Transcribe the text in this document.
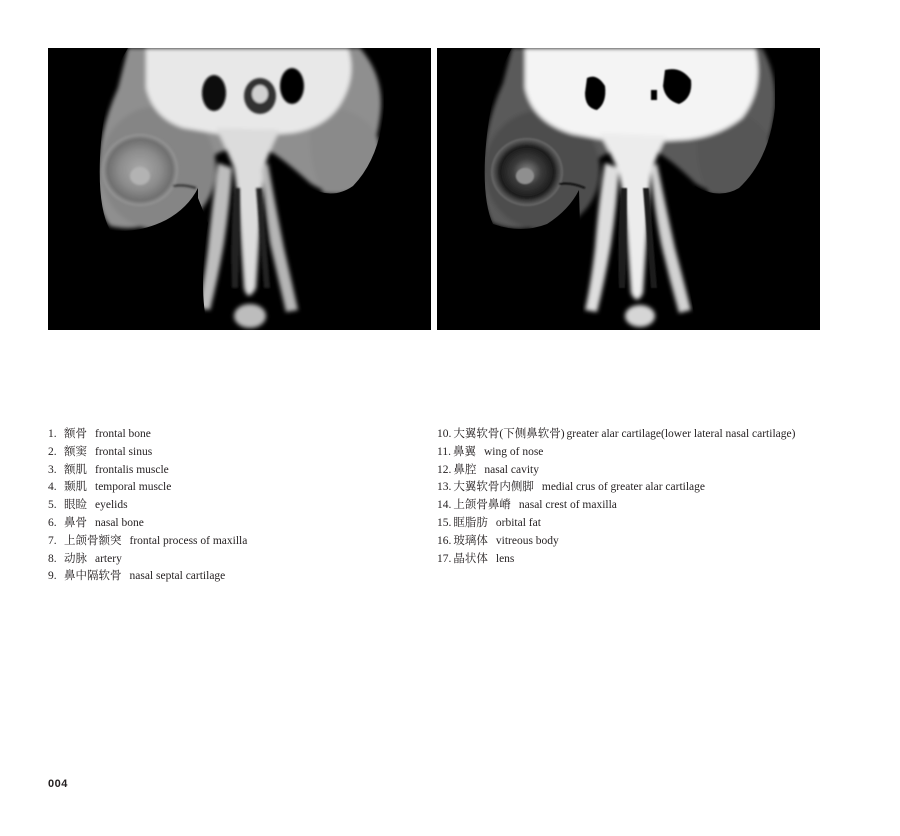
1. 额骨 frontal bone
2. 额窦 frontal sinus
3. 额肌 frontalis muscle
4. 颞肌 temporal muscle
5. 眼睑 eyelids
6. 鼻骨 nasal bone
7. 上颌骨额突 frontal process of maxilla
8. 动脉 artery
9. 鼻中隔软骨 nasal septal cartilage
10. 大翼软骨(下侧鼻软骨) greater alar cartilage(lower lateral nasal cartilage)
11. 鼻翼 wing of nose
12. 鼻腔 nasal cavity
13. 大翼软骨内侧脚 medial crus of greater alar cartilage
14. 上颌骨鼻嵴 nasal crest of maxilla
15. 眶脂肪 orbital fat
16. 玻璃体 vitreous body
17. 晶状体 lens
004
